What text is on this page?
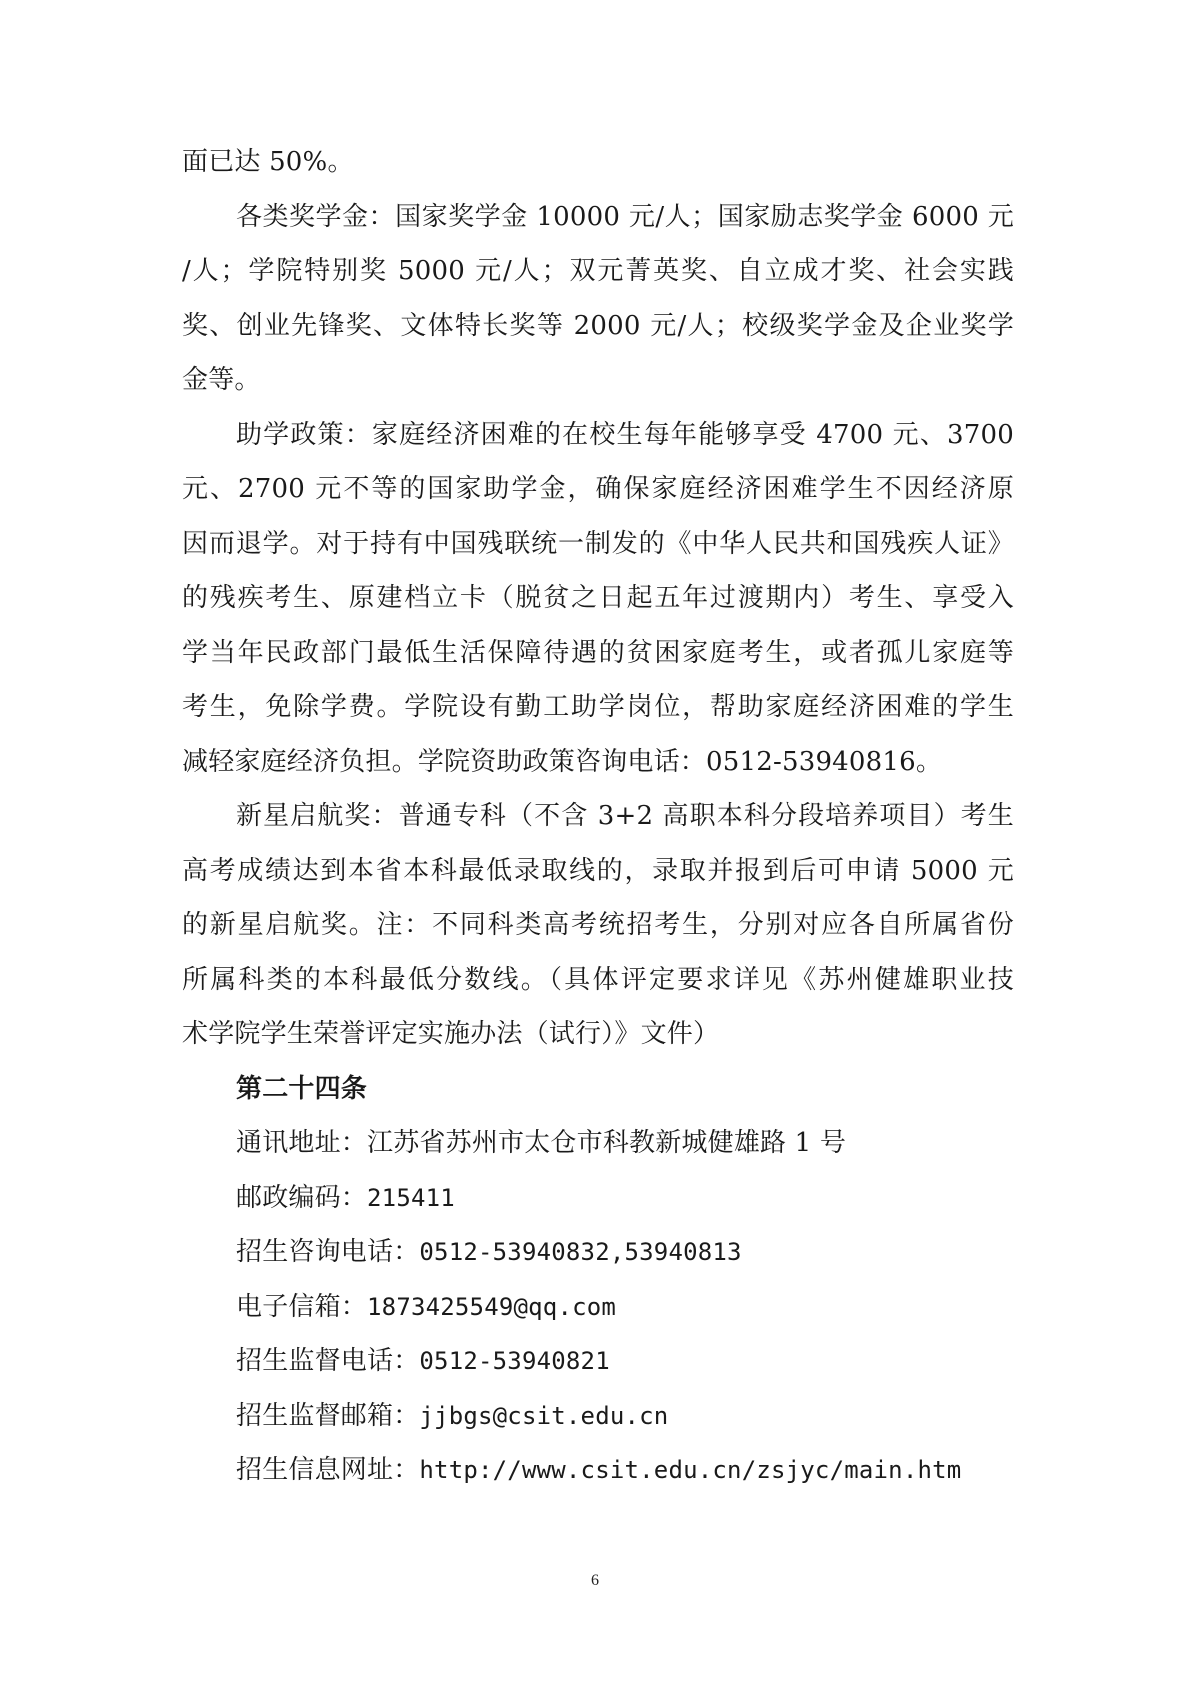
面已达 50%。
各类奖学金：国家奖学金 10000 元/人；国家励志奖学金 6000 元
/人；学院特别奖 5000 元/人；双元菁英奖、自立成才奖、社会实践
奖、创业先锋奖、文体特长奖等 2000 元/人；校级奖学金及企业奖学
金等。
助学政策：家庭经济困难的在校生每年能够享受 4700 元、3700
元、2700 元不等的国家助学金，确保家庭经济困难学生不因经济原
因而退学。对于持有中国残联统一制发的《中华人民共和国残疾人证》
的残疾考生、原建档立卡（脱贫之日起五年过渡期内）考生、享受入
学当年民政部门最低生活保障待遇的贫困家庭考生，或者孤儿家庭等
考生，免除学费。学院设有勤工助学岗位，帮助家庭经济困难的学生
减轻家庭经济负担。学院资助政策咨询电话：0512-53940816。
新星启航奖：普通专科（不含 3+2 高职本科分段培养项目）考生
高考成绩达到本省本科最低录取线的，录取并报到后可申请 5000 元
的新星启航奖。注：不同科类高考统招考生，分别对应各自所属省份
所属科类的本科最低分数线。（具体评定要求详见《苏州健雄职业技
术学院学生荣誉评定实施办法（试行）》文件）
第二十四条
通讯地址：江苏省苏州市太仓市科教新城健雄路 1 号
邮政编码：215411
招生咨询电话：0512-53940832,53940813
电子信箱：1873425549@qq.com
招生监督电话：0512-53940821
招生监督邮箱：jjbgs@csit.edu.cn
招生信息网址：http://www.csit.edu.cn/zsjyc/main.htm
6
